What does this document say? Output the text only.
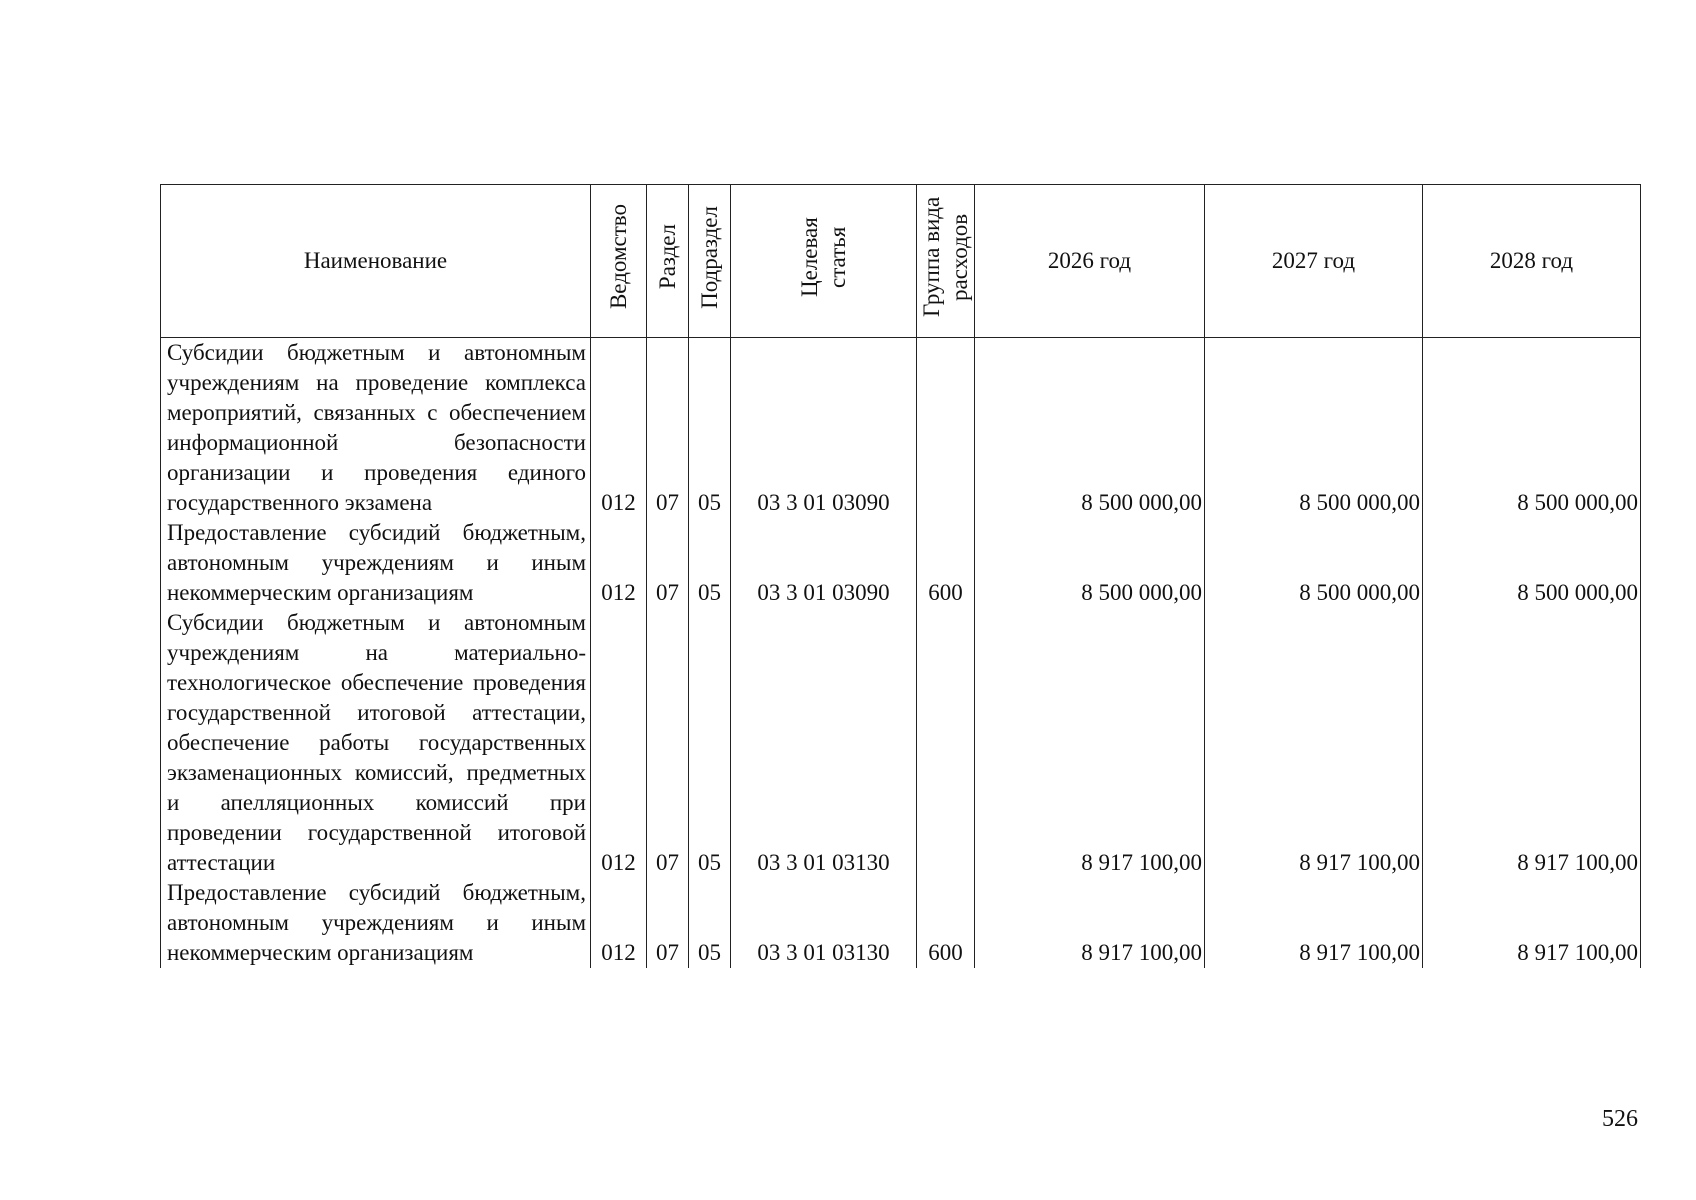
Наименование	Ведомство	Раздел	Подраздел	Целевая статья	Группа вида расходов	2026 год	2027 год	2028 год

Субсидии бюджетным и автономным учреждениям на проведение комплекса мероприятий, связанных с обеспечением информационной безопасности организации и проведения единого государственного экзамена	012	07	05	03 3 01 03090		8 500 000,00	8 500 000,00	8 500 000,00

Предоставление субсидий бюджетным, автономным учреждениям и иным некоммерческим организациям	012	07	05	03 3 01 03090	600	8 500 000,00	8 500 000,00	8 500 000,00

Субсидии бюджетным и автономным учреждениям на материально-технологическое обеспечение проведения государственной итоговой аттестации, обеспечение работы государственных экзаменационных комиссий, предметных и апелляционных комиссий при проведении государственной итоговой аттестации	012	07	05	03 3 01 03130		8 917 100,00	8 917 100,00	8 917 100,00

Предоставление субсидий бюджетным, автономным учреждениям и иным некоммерческим организациям	012	07	05	03 3 01 03130	600	8 917 100,00	8 917 100,00	8 917 100,00
526
